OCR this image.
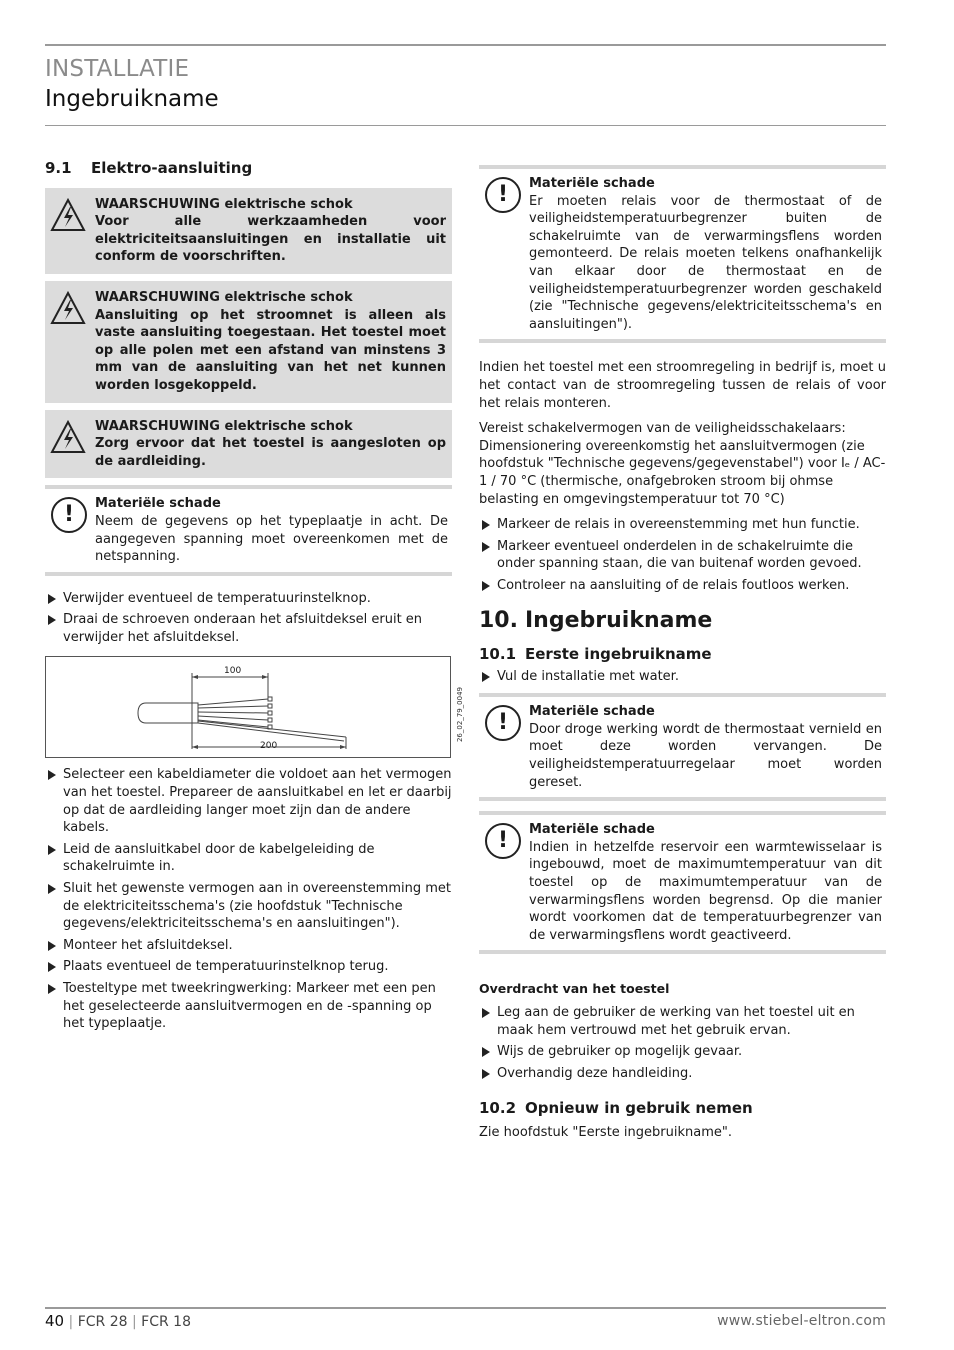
INSTALLATIE
Ingebruikname
9.1 Elektro-aansluiting
WAARSCHUWING elektrische schok
Voor alle werkzaamheden voor elektriciteitsaansluitingen en installatie uit conform de voorschriften.
WAARSCHUWING elektrische schok
Aansluiting op het stroomnet is alleen als vaste aansluiting toegestaan. Het toestel moet op alle polen met een afstand van minstens 3 mm van de aansluiting van het net kunnen worden losgekoppeld.
WAARSCHUWING elektrische schok
Zorg ervoor dat het toestel is aangesloten op de aardleiding.
!	Materiële schade
Neem de gegevens op het typeplaatje in acht. De aangegeven spanning moet overeenkomen met de netspanning.
Verwijder eventueel de temperatuurinstelknop.
Draai de schroeven onderaan het afsluitdeksel eruit en verwijder het afsluitdeksel.
100
200
26_02_79_0049
Selecteer een kabeldiameter die voldoet aan het vermogen van het toestel. Prepareer de aansluitkabel en let er daarbij op dat de aardleiding langer moet zijn dan de andere kabels.
Leid de aansluitkabel door de kabelgeleiding de schakelruimte in.
Sluit het gewenste vermogen aan in overeenstemming met de elektriciteitsschema's (zie hoofdstuk "Technische gegevens/elektriciteitsschema's en aansluitingen").
Monteer het afsluitdeksel.
Plaats eventueel de temperatuurinstelknop terug.
Toesteltype met tweekringwerking: Markeer met een pen het geselecteerde aansluitvermogen en de -spanning op het typeplaatje.
!	Materiële schade
Er moeten relais voor de thermostaat of de veiligheidstemperatuurbegrenzer buiten de schakelruimte van de verwarmingsflens worden gemonteerd. De relais moeten telkens onafhankelijk van elkaar door de thermostaat en de veiligheidstemperatuurbegrenzer worden geschakeld (zie "Technische gegevens/elektriciteitsschema's en aansluitingen").

Indien het toestel met een stroomregeling in bedrijf is, moet u het contact van de stroomregeling tussen de relais of voor het relais monteren.

Vereist schakelvermogen van de veiligheidsschakelaars: Dimensionering overeenkomstig het aansluitvermogen (zie hoofdstuk "Technische gegevens/gegevenstabel") voor Iₑ / AC-1 / 70 °C (thermische, onafgebroken stroom bij ohmse belasting en omgevingstemperatuur tot 70 °C)

Markeer de relais in overeenstemming met hun functie.
Markeer eventueel onderdelen in de schakelruimte die onder spanning staan, die van buitenaf worden gevoed.
Controleer na aansluiting of de relais foutloos werken.
10. Ingebruikname
10.1 Eerste ingebruikname
Vul de installatie met water.
!	Materiële schade
Door droge werking wordt de thermostaat vernield en moet deze worden vervangen. De veiligheidstemperatuurregelaar moet worden gereset.
!	Materiële schade
Indien in hetzelfde reservoir een warmtewisselaar is ingebouwd, moet de maximumtemperatuur van dit toestel op de maximumtemperatuur van de verwarmingsflens worden begrensd. Op die manier wordt voorkomen dat de temperatuurbegrenzer van de verwarmingsflens wordt geactiveerd.
Overdracht van het toestel
Leg aan de gebruiker de werking van het toestel uit en maak hem vertrouwd met het gebruik ervan.
Wijs de gebruiker op mogelijk gevaar.
Overhandig deze handleiding.
10.2 Opnieuw in gebruik nemen

Zie hoofdstuk "Eerste ingebruikname".

40 | FCR 28 | FCR 18	www.stiebel-eltron.com
